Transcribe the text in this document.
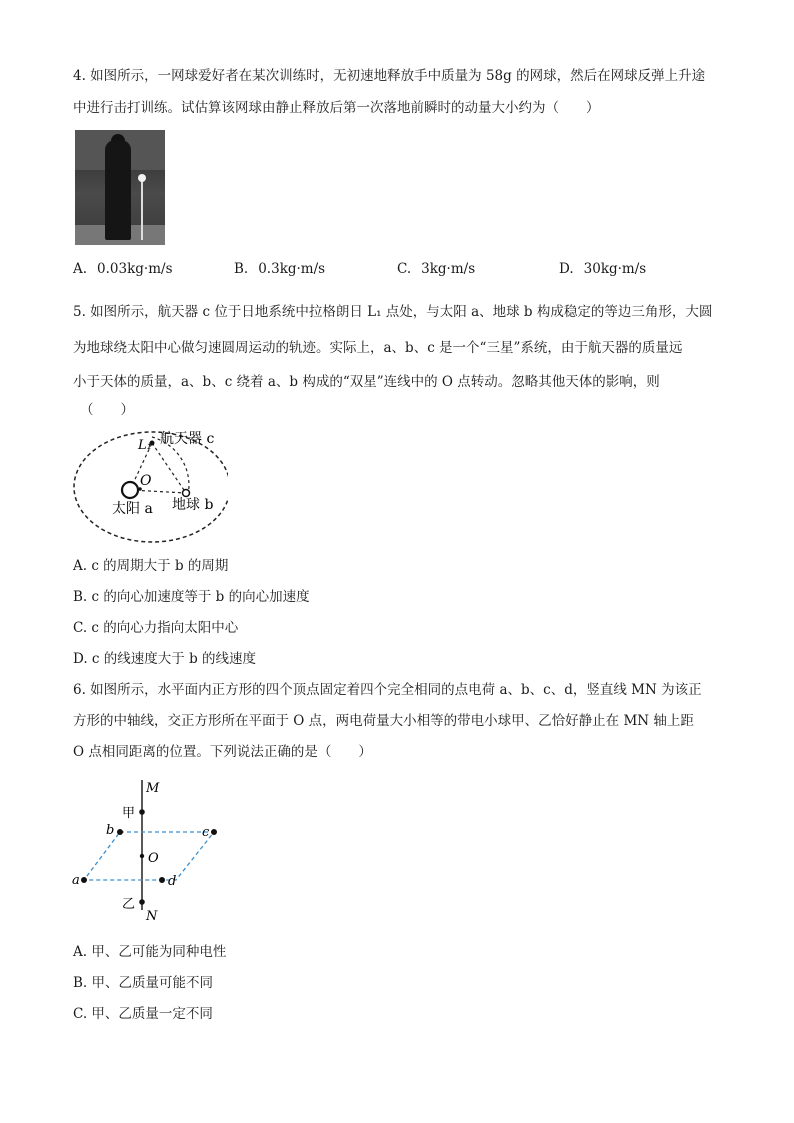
4. 如图所示，一网球爱好者在某次训练时，无初速地释放手中质量为 58g 的网球，然后在网球反弹上升途
中进行击打训练。试估算该网球由静止释放后第一次落地前瞬时的动量大小约为（　　）
A. 0.03kg·m/s	B. 0.3kg·m/s	C. 3kg·m/s	D. 30kg·m/s
5. 如图所示，航天器 c 位于日地系统中拉格朗日 L₁ 点处，与太阳 a、地球 b 构成稳定的等边三角形，大圆
为地球绕太阳中心做匀速圆周运动的轨迹。实际上，a、b、c 是一个“三星”系统，由于航天器的质量远
小于天体的质量，a、b、c 绕着 a、b 构成的“双星”连线中的 O 点转动。忽略其他天体的影响，则
（　　）
L₁ 航天器 c
O
太阳 a 地球 b
A. c 的周期大于 b 的周期
B. c 的向心加速度等于 b 的向心加速度
C. c 的向心力指向太阳中心
D. c 的线速度大于 b 的线速度
6. 如图所示，水平面内正方形的四个顶点固定着四个完全相同的点电荷 a、b、c、d，竖直线 MN 为该正
方形的中轴线，交正方形所在平面于 O 点，两电荷量大小相等的带电小球甲、乙恰好静止在 MN 轴上距
O 点相同距离的位置。下列说法正确的是（　　）
M
甲
b	c
O
a	d
乙
N
A. 甲、乙可能为同种电性
B. 甲、乙质量可能不同
C. 甲、乙质量一定不同
